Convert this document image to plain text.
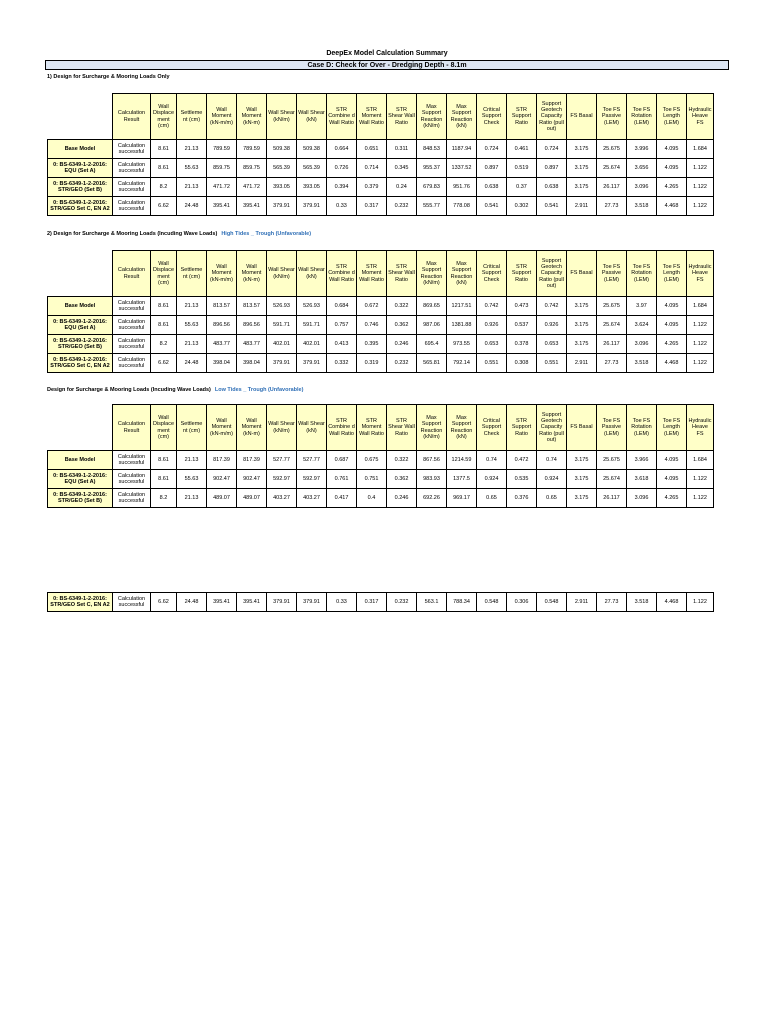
DeepEx Model Calculation Summary
Case D: Check for Over - Dredging Depth - 8.1m
1) Design for Surcharge & Mooring Loads Only
	Calculation Result	Wall Displace ment (cm)	Settleme nt (cm)	Wall Moment (kN-m/m)	Wall Moment (kN-m)	Wall Shear (kN/m)	Wall Shear (kN)	STR Combine d Wall Ratio	STR Moment Wall Ratio	STR Shear Wall Ratio	Max Support Reaction (kN/m)	Max Support Reaction (kN)	Critical Support Check	STR Support Ratio	Support Geotech Capacity Ratio (pull out)	FS Basal	Toe FS Passive (LEM)	Toe FS Rotation (LEM)	Toe FS Length (LEM)	Hydraulic Heave FS
Base Model	Calculation successful	8.61	21.13	789.59	789.59	509.38	509.38	0.664	0.651	0.311	848.53	1187.94	0.724	0.461	0.724	3.175	25.675	3.996	4.095	1.684
0: BS-6349-1-2-2016: EQU (Set A)	Calculation successful	8.61	55.63	859.75	859.75	565.39	565.39	0.726	0.714	0.345	955.37	1337.52	0.897	0.519	0.897	3.175	25.674	3.656	4.095	1.122
0: BS-6349-1-2-2016: STR/GEO (Set B)	Calculation successful	8.2	21.13	471.72	471.72	393.05	393.05	0.394	0.379	0.24	679.83	951.76	0.638	0.37	0.638	3.175	26.117	3.096	4.265	1.122
0: BS-6349-1-2-2016: STR/GEO Set C, EN A2	Calculation successful	6.62	24.48	395.41	395.41	379.91	379.91	0.33	0.317	0.232	555.77	778.08	0.541	0.302	0.541	2.911	27.73	3.518	4.468	1.122
2) Design for Surcharge & Mooring Loads (Incuding Wave Loads) High Tides _ Trough (Unfavorable)
	Calculation Result	Wall Displace ment (cm)	Settleme nt (cm)	Wall Moment (kN-m/m)	Wall Moment (kN-m)	Wall Shear (kN/m)	Wall Shear (kN)	STR Combine d Wall Ratio	STR Moment Wall Ratio	STR Shear Wall Ratio	Max Support Reaction (kN/m)	Max Support Reaction (kN)	Critical Support Check	STR Support Ratio	Support Geotech Capacity Ratio (pull out)	FS Basal	Toe FS Passive (LEM)	Toe FS Rotation (LEM)	Toe FS Length (LEM)	Hydraulic Heave FS
Base Model	Calculation successful	8.61	21.13	813.57	813.57	526.93	526.93	0.684	0.672	0.322	869.65	1217.51	0.742	0.473	0.742	3.175	25.675	3.97	4.095	1.684
0: BS-6349-1-2-2016: EQU (Set A)	Calculation successful	8.61	55.63	896.56	896.56	591.71	591.71	0.757	0.746	0.362	987.06	1381.88	0.926	0.537	0.926	3.175	25.674	3.624	4.095	1.122
0: BS-6349-1-2-2016: STR/GEO (Set B)	Calculation successful	8.2	21.13	483.77	483.77	402.01	402.01	0.413	0.395	0.246	695.4	973.55	0.653	0.378	0.653	3.175	26.117	3.096	4.265	1.122
0: BS-6349-1-2-2016: STR/GEO Set C, EN A2	Calculation successful	6.62	24.48	398.04	398.04	379.91	379.91	0.332	0.319	0.232	565.81	792.14	0.551	0.308	0.551	2.911	27.73	3.518	4.468	1.122
Design for Surcharge & Mooring Loads (Incuding Wave Loads) Low Tides _ Trough (Unfavorable)
	Calculation Result	Wall Displace ment (cm)	Settleme nt (cm)	Wall Moment (kN-m/m)	Wall Moment (kN-m)	Wall Shear (kN/m)	Wall Shear (kN)	STR Combine d Wall Ratio	STR Moment Wall Ratio	STR Shear Wall Ratio	Max Support Reaction (kN/m)	Max Support Reaction (kN)	Critical Support Check	STR Support Ratio	Support Geotech Capacity Ratio (pull out)	FS Basal	Toe FS Passive (LEM)	Toe FS Rotation (LEM)	Toe FS Length (LEM)	Hydraulic Heave FS
Base Model	Calculation successful	8.61	21.13	817.39	817.39	527.77	527.77	0.687	0.675	0.322	867.56	1214.59	0.74	0.472	0.74	3.175	25.675	3.966	4.095	1.684
0: BS-6349-1-2-2016: EQU (Set A)	Calculation successful	8.61	55.63	902.47	902.47	592.97	592.97	0.761	0.751	0.362	983.93	1377.5	0.924	0.535	0.924	3.175	25.674	3.618	4.095	1.122
0: BS-6349-1-2-2016: STR/GEO (Set B)	Calculation successful	8.2	21.13	489.07	489.07	403.27	403.27	0.417	0.4	0.246	692.26	969.17	0.65	0.376	0.65	3.175	26.117	3.096	4.265	1.122
0: BS-6349-1-2-2016: STR/GEO Set C, EN A2	Calculation successful	6.62	24.48	395.41	395.41	379.91	379.91	0.33	0.317	0.232	563.1	788.34	0.548	0.306	0.548	2.911	27.73	3.518	4.468	1.122
